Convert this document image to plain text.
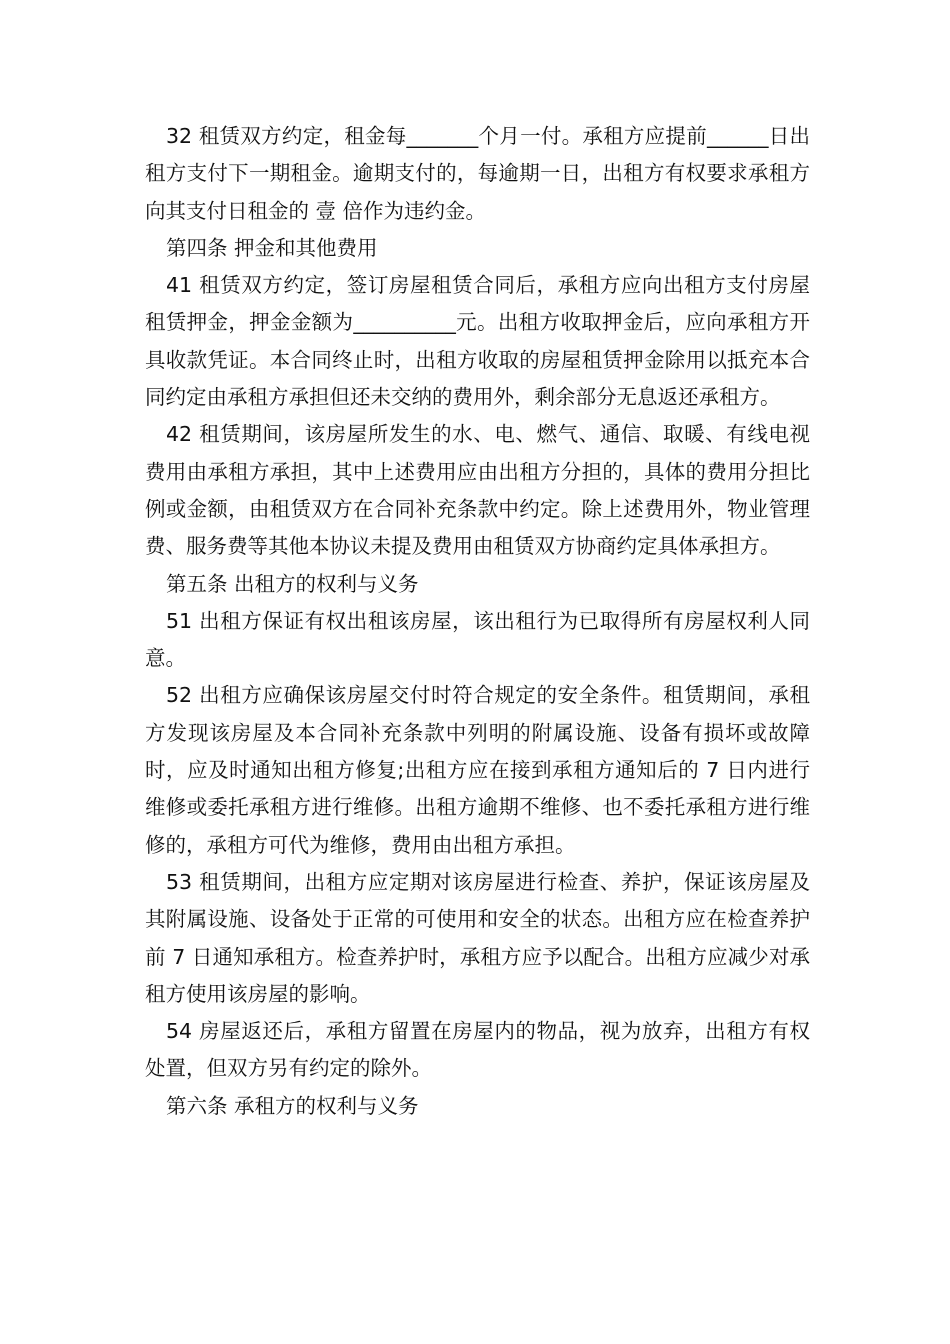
32 租赁双方约定，租金每_______个月一付。承租方应提前______日出租方支付下一期租金。逾期支付的，每逾期一日，出租方有权要求承租方向其支付日租金的 壹 倍作为违约金。

第四条 押金和其他费用

41 租赁双方约定，签订房屋租赁合同后，承租方应向出租方支付房屋租赁押金，押金金额为__________元。出租方收取押金后，应向承租方开具收款凭证。本合同终止时，出租方收取的房屋租赁押金除用以抵充本合同约定由承租方承担但还未交纳的费用外，剩余部分无息返还承租方。

42 租赁期间，该房屋所发生的水、电、燃气、通信、取暖、有线电视费用由承租方承担，其中上述费用应由出租方分担的，具体的费用分担比例或金额，由租赁双方在合同补充条款中约定。除上述费用外，物业管理费、服务费等其他本协议未提及费用由租赁双方协商约定具体承担方。

第五条 出租方的权利与义务

51 出租方保证有权出租该房屋，该出租行为已取得所有房屋权利人同意。

52 出租方应确保该房屋交付时符合规定的安全条件。租赁期间，承租方发现该房屋及本合同补充条款中列明的附属设施、设备有损坏或故障时，应及时通知出租方修复;出租方应在接到承租方通知后的 7 日内进行维修或委托承租方进行维修。出租方逾期不维修、也不委托承租方进行维修的，承租方可代为维修，费用由出租方承担。

53 租赁期间，出租方应定期对该房屋进行检查、养护，保证该房屋及其附属设施、设备处于正常的可使用和安全的状态。出租方应在检查养护前 7 日通知承租方。检查养护时，承租方应予以配合。出租方应减少对承租方使用该房屋的影响。

54 房屋返还后，承租方留置在房屋内的物品，视为放弃，出租方有权处置，但双方另有约定的除外。

第六条 承租方的权利与义务
